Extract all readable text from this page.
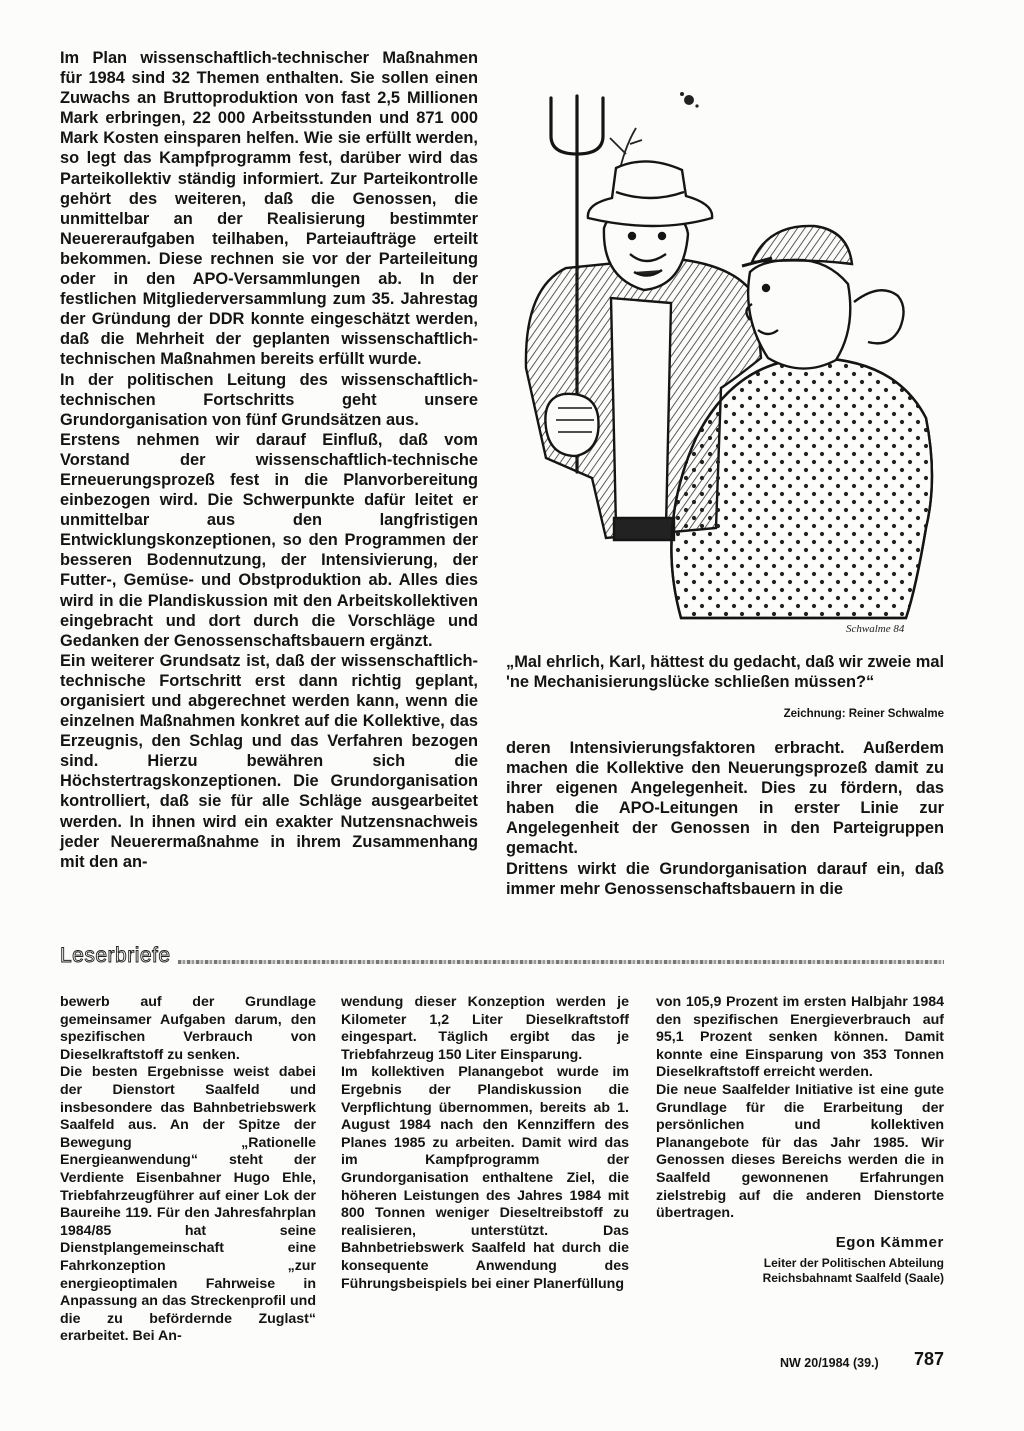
Im Plan wissenschaftlich-technischer Maßnahmen für 1984 sind 32 Themen enthalten. Sie sollen einen Zuwachs an Bruttoproduktion von fast 2,5 Millionen Mark erbringen, 22 000 Arbeitsstunden und 871 000 Mark Kosten einsparen helfen. Wie sie erfüllt werden, so legt das Kampfprogramm fest, darüber wird das Parteikollektiv ständig informiert. Zur Parteikontrolle gehört des weiteren, daß die Genossen, die unmittelbar an der Realisierung bestimmter Neuereraufgaben teilhaben, Parteiaufträge erteilt bekommen. Diese rechnen sie vor der Parteileitung oder in den APO-Versammlungen ab. In der festlichen Mitgliederversammlung zum 35. Jahrestag der Gründung der DDR konnte eingeschätzt werden, daß die Mehrheit der geplanten wissenschaftlich-technischen Maßnahmen bereits erfüllt wurde.

In der politischen Leitung des wissenschaftlich-technischen Fortschritts geht unsere Grundorganisation von fünf Grundsätzen aus.

Erstens nehmen wir darauf Einfluß, daß vom Vorstand der wissenschaftlich-technische Erneuerungsprozeß fest in die Planvorbereitung einbezogen wird. Die Schwerpunkte dafür leitet er unmittelbar aus den langfristigen Entwicklungskonzeptionen, so den Programmen der besseren Bodennutzung, der Intensivierung, der Futter-, Gemüse- und Obstproduktion ab. Alles dies wird in die Plandiskussion mit den Arbeitskollektiven eingebracht und dort durch die Vorschläge und Gedanken der Genossenschaftsbauern ergänzt.

Ein weiterer Grundsatz ist, daß der wissenschaftlich-technische Fortschritt erst dann richtig geplant, organisiert und abgerechnet werden kann, wenn die einzelnen Maßnahmen konkret auf die Kollektive, das Erzeugnis, den Schlag und das Verfahren bezogen sind. Hierzu bewähren sich die Höchstertragskonzeptionen. Die Grundorganisation kontrolliert, daß sie für alle Schläge ausgearbeitet werden. In ihnen wird ein exakter Nutzensnachweis jeder Neuerermaßnahme in ihrem Zusammenhang mit den an-

Schwalme 84

„Mal ehrlich, Karl, hättest du gedacht, daß wir zweie mal 'ne Mechanisierungslücke schließen müssen?“

Zeichnung: Reiner Schwalme

deren Intensivierungsfaktoren erbracht. Außerdem machen die Kollektive den Neuerungsprozeß damit zu ihrer eigenen Angelegenheit. Dies zu fördern, das haben die APO-Leitungen in erster Linie zur Angelegenheit der Genossen in den Parteigruppen gemacht.

Drittens wirkt die Grundorganisation darauf ein, daß immer mehr Genossenschaftsbauern in die

Leserbriefe

bewerb auf der Grundlage gemeinsamer Aufgaben darum, den spezifischen Verbrauch von Dieselkraftstoff zu senken.

Die besten Ergebnisse weist dabei der Dienstort Saalfeld und insbesondere das Bahnbetriebswerk Saalfeld aus. An der Spitze der Bewegung „Rationelle Energieanwendung“ steht der Verdiente Eisenbahner Hugo Ehle, Triebfahrzeugführer auf einer Lok der Baureihe 119. Für den Jahresfahrplan 1984/85 hat seine Dienstplangemeinschaft eine Fahrkonzeption „zur energieoptimalen Fahrweise in Anpassung an das Streckenprofil und die zu befördernde Zuglast“ erarbeitet. Bei An-

wendung dieser Konzeption werden je Kilometer 1,2 Liter Dieselkraftstoff eingespart. Täglich ergibt das je Triebfahrzeug 150 Liter Einsparung.

Im kollektiven Planangebot wurde im Ergebnis der Plandiskussion die Verpflichtung übernommen, bereits ab 1. August 1984 nach den Kennziffern des Planes 1985 zu arbeiten. Damit wird das im Kampfprogramm der Grundorganisation enthaltene Ziel, die höheren Leistungen des Jahres 1984 mit 800 Tonnen weniger Dieseltreibstoff zu realisieren, unterstützt. Das Bahnbetriebswerk Saalfeld hat durch die konsequente Anwendung des Führungsbeispiels bei einer Planerfüllung

von 105,9 Prozent im ersten Halbjahr 1984 den spezifischen Energieverbrauch auf 95,1 Prozent senken können. Damit konnte eine Einsparung von 353 Tonnen Dieselkraftstoff erreicht werden.

Die neue Saalfelder Initiative ist eine gute Grundlage für die Erarbeitung der persönlichen und kollektiven Planangebote für das Jahr 1985. Wir Genossen dieses Bereichs werden die in Saalfeld gewonnenen Erfahrungen zielstrebig auf die anderen Dienstorte übertragen.

Egon Kämmer
Leiter der Politischen Abteilung
Reichsbahnamt Saalfeld (Saale)
NW 20/1984 (39.) 787
